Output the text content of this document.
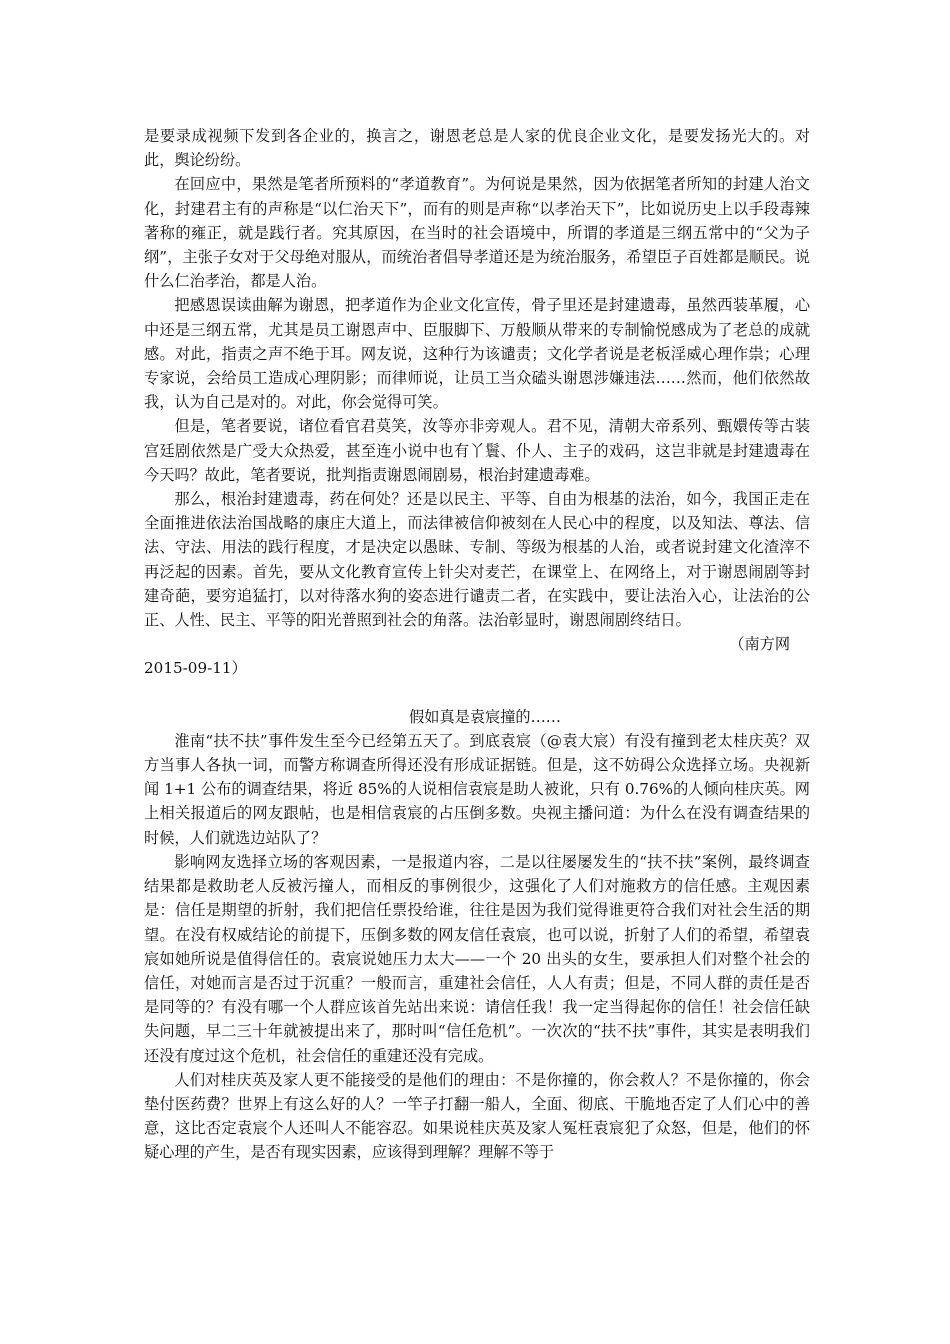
是要录成视频下发到各企业的，换言之，谢恩老总是人家的优良企业文化，是要发扬光大的。对此，舆论纷纷。

在回应中，果然是笔者所预料的“孝道教育”。为何说是果然，因为依据笔者所知的封建人治文化，封建君主有的声称是“以仁治天下”，而有的则是声称“以孝治天下”，比如说历史上以手段毒辣著称的雍正，就是践行者。究其原因，在当时的社会语境中，所谓的孝道是三纲五常中的“父为子纲”，主张子女对于父母绝对服从，而统治者倡导孝道还是为统治服务，希望臣子百姓都是顺民。说什么仁治孝治，都是人治。

把感恩误读曲解为谢恩，把孝道作为企业文化宣传，骨子里还是封建遗毒，虽然西装革履，心中还是三纲五常，尤其是员工谢恩声中、臣服脚下、万般顺从带来的专制愉悦感成为了老总的成就感。对此，指责之声不绝于耳。网友说，这种行为该谴责；文化学者说是老板淫威心理作祟；心理专家说，会给员工造成心理阴影；而律师说，让员工当众磕头谢恩涉嫌违法……然而，他们依然故我，认为自己是对的。对此，你会觉得可笑。

但是，笔者要说，诸位看官君莫笑，汝等亦非旁观人。君不见，清朝大帝系列、甄嬛传等古装宫廷剧依然是广受大众热爱，甚至连小说中也有丫鬟、仆人、主子的戏码，这岂非就是封建遗毒在今天吗？故此，笔者要说，批判指责谢恩闹剧易，根治封建遗毒难。

那么，根治封建遗毒，药在何处？还是以民主、平等、自由为根基的法治，如今，我国正走在全面推进依法治国战略的康庄大道上，而法律被信仰被刻在人民心中的程度，以及知法、尊法、信法、守法、用法的践行程度，才是决定以愚昧、专制、等级为根基的人治，或者说封建文化渣滓不再泛起的因素。首先，要从文化教育宣传上针尖对麦芒，在课堂上、在网络上，对于谢恩闹剧等封建奇葩，要穷追猛打，以对待落水狗的姿态进行谴责二者，在实践中，要让法治入心，让法治的公正、人性、民主、平等的阳光普照到社会的角落。法治彰显时，谢恩闹剧终结日。

（南方网

2015-09-11）

假如真是袁宸撞的……

淮南“扶不扶”事件发生至今已经第五天了。到底袁宸（@袁大宸）有没有撞到老太桂庆英？双方当事人各执一词，而警方称调查所得还没有形成证据链。但是，这不妨碍公众选择立场。央视新闻 1+1 公布的调查结果，将近 85%的人说相信袁宸是助人被讹，只有 0.76%的人倾向桂庆英。网上相关报道后的网友跟帖，也是相信袁宸的占压倒多数。央视主播问道：为什么在没有调查结果的时候，人们就选边站队了？

影响网友选择立场的客观因素，一是报道内容，二是以往屡屡发生的“扶不扶”案例，最终调查结果都是救助老人反被污撞人，而相反的事例很少，这强化了人们对施救方的信任感。主观因素是：信任是期望的折射，我们把信任票投给谁，往往是因为我们觉得谁更符合我们对社会生活的期望。在没有权威结论的前提下，压倒多数的网友信任袁宸，也可以说，折射了人们的希望，希望袁宸如她所说是值得信任的。袁宸说她压力太大——一个 20 出头的女生，要承担人们对整个社会的信任，对她而言是否过于沉重？一般而言，重建社会信任，人人有责；但是，不同人群的责任是否是同等的？有没有哪一个人群应该首先站出来说：请信任我！我一定当得起你的信任！社会信任缺失问题，早二三十年就被提出来了，那时叫“信任危机”。一次次的“扶不扶”事件，其实是表明我们还没有度过这个危机，社会信任的重建还没有完成。

人们对桂庆英及家人更不能接受的是他们的理由：不是你撞的，你会救人？不是你撞的，你会垫付医药费？世界上有这么好的人？一竿子打翻一船人，全面、彻底、干脆地否定了人们心中的善意，这比否定袁宸个人还叫人不能容忍。如果说桂庆英及家人冤枉袁宸犯了众怒，但是，他们的怀疑心理的产生，是否有现实因素，应该得到理解？理解不等于
